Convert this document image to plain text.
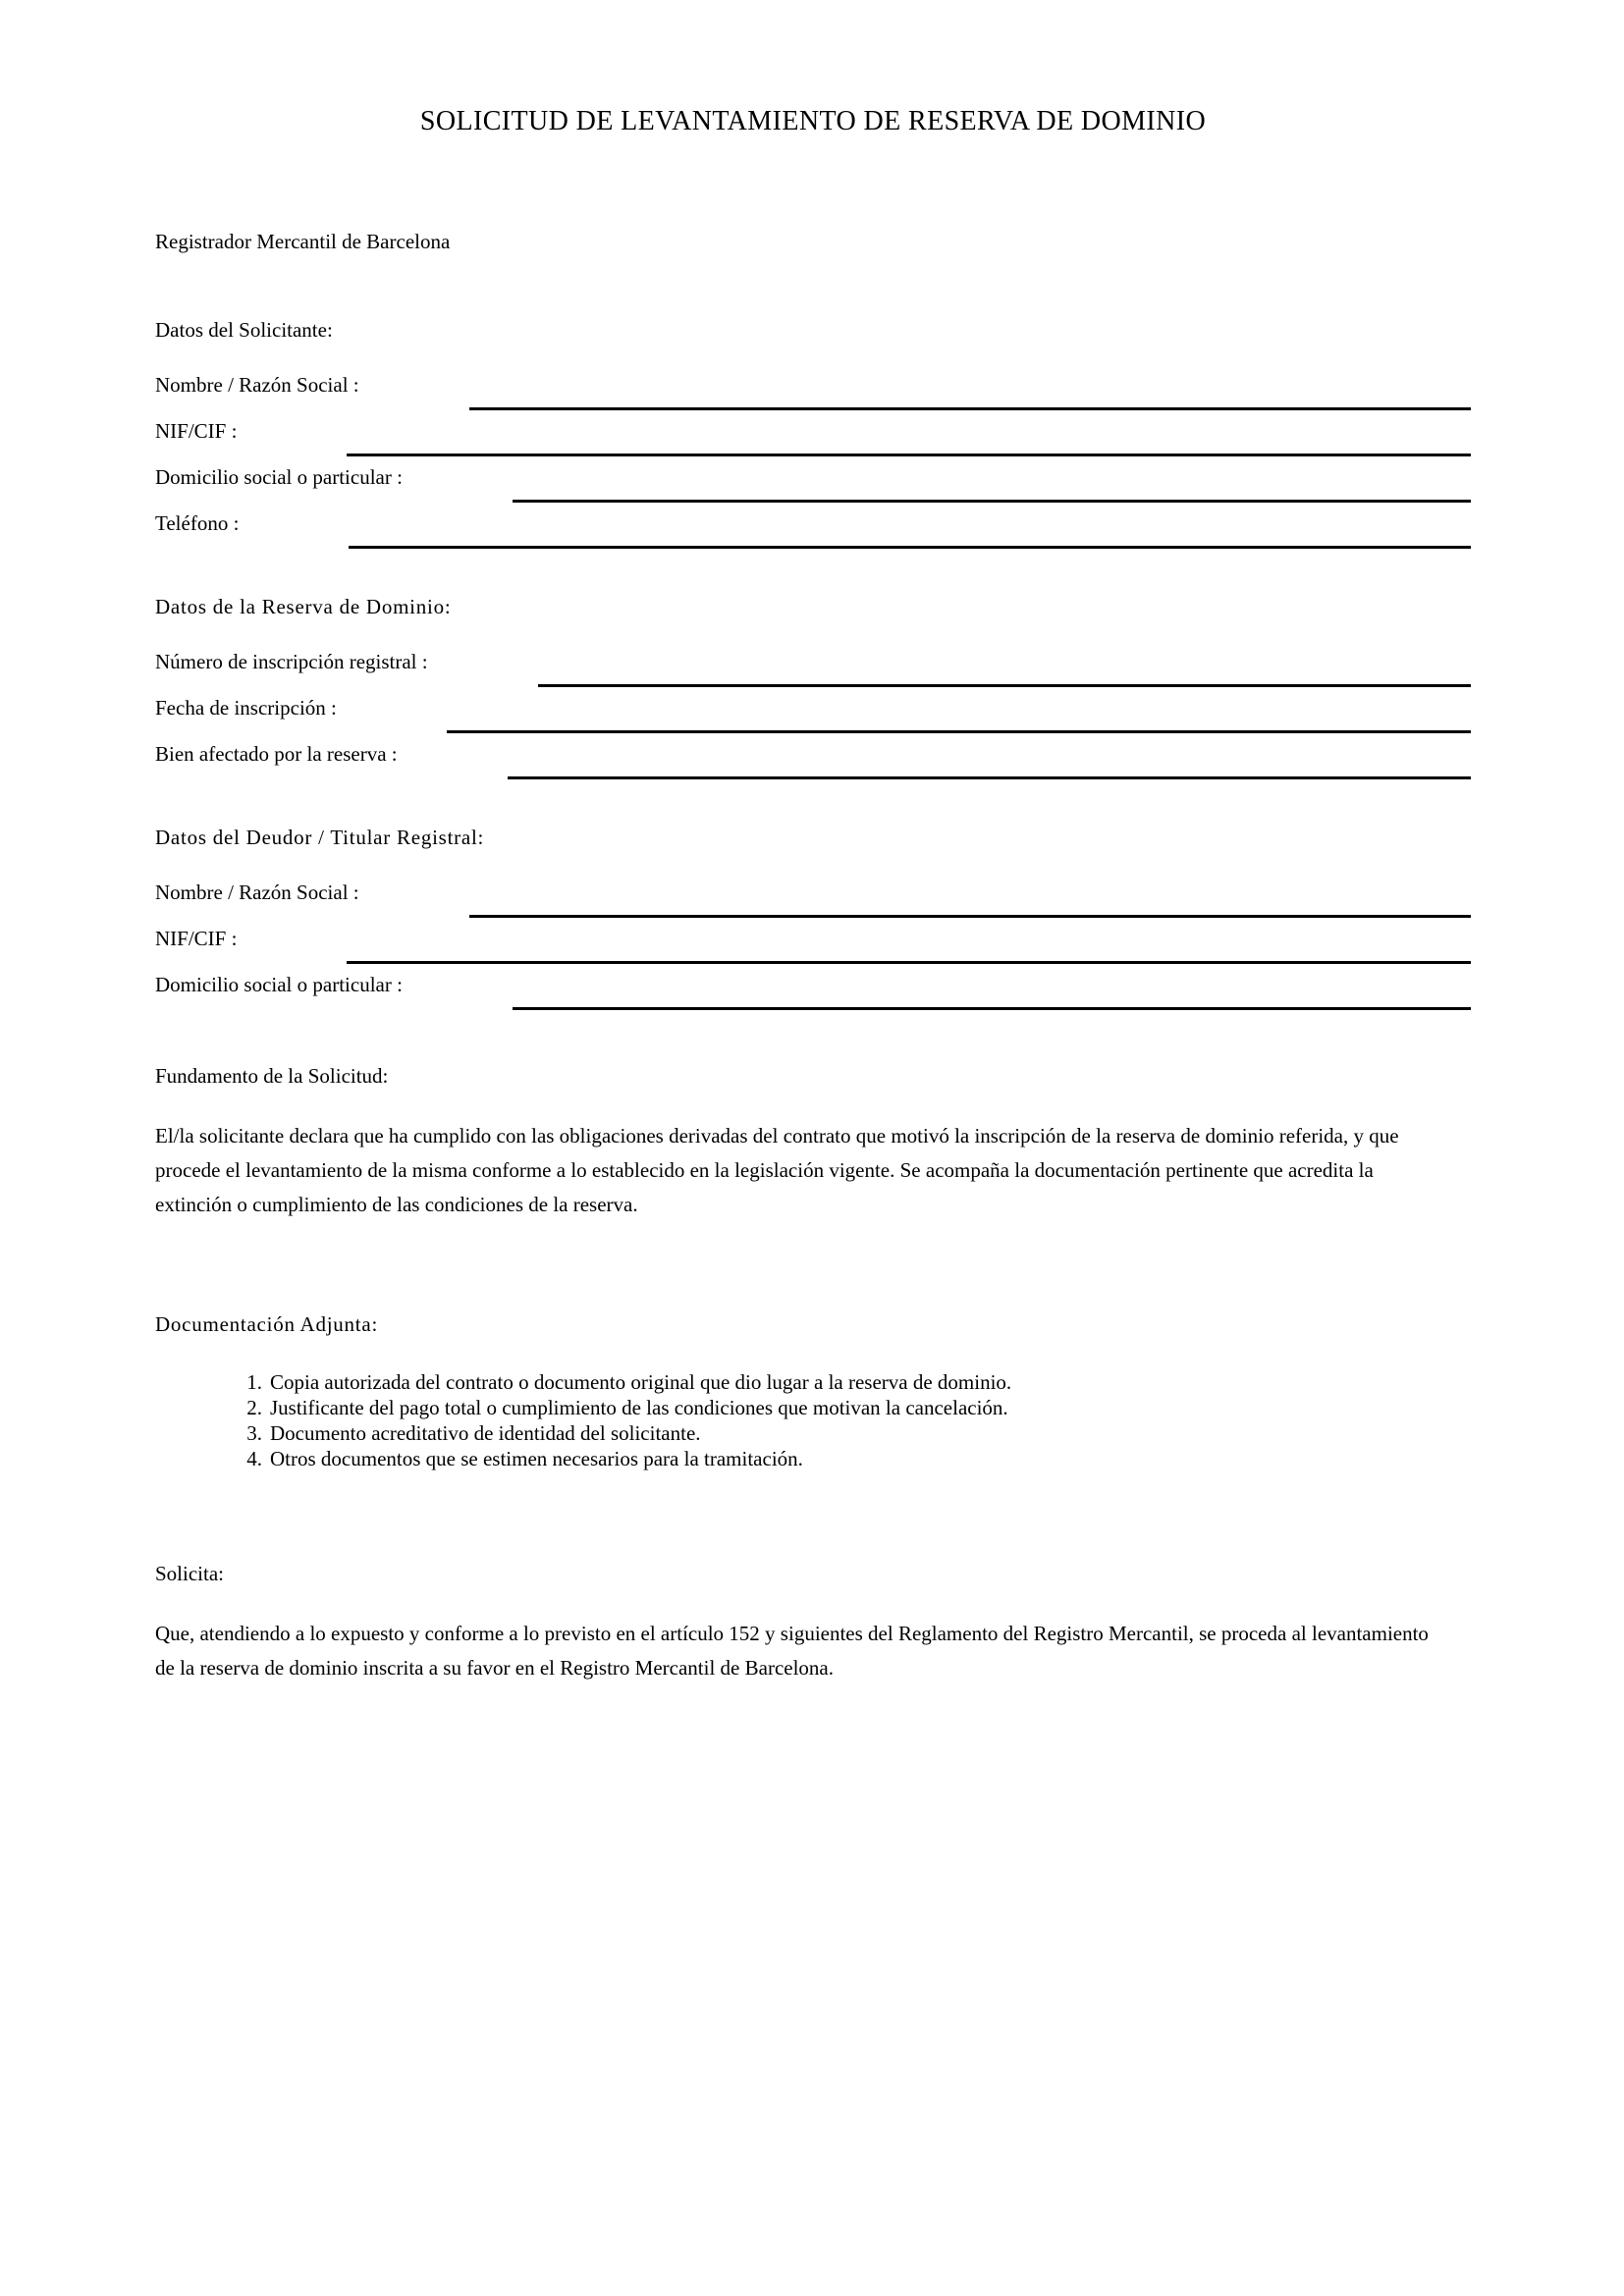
SOLICITUD DE LEVANTAMIENTO DE RESERVA DE DOMINIO
Registrador Mercantil de Barcelona
Datos del Solicitante:
Nombre / Razón Social :
NIF/CIF :
Domicilio social o particular :
Teléfono :
Datos de la Reserva de Dominio:
Número de inscripción registral :
Fecha de inscripción :
Bien afectado por la reserva :
Datos del Deudor / Titular Registral:
Nombre / Razón Social :
NIF/CIF :
Domicilio social o particular :
Fundamento de la Solicitud:

El/la solicitante declara que ha cumplido con las obligaciones derivadas del contrato que motivó la inscripción de la reserva de dominio referida, y que procede el levantamiento de la misma conforme a lo establecido en la legislación vigente. Se acompaña la documentación pertinente que acredita la extinción o cumplimiento de las condiciones de la reserva.

Documentación Adjunta:
1. Copia autorizada del contrato o documento original que dio lugar a la reserva de dominio.
2. Justificante del pago total o cumplimiento de las condiciones que motivan la cancelación.
3. Documento acreditativo de identidad del solicitante.
4. Otros documentos que se estimen necesarios para la tramitación.
Solicita:

Que, atendiendo a lo expuesto y conforme a lo previsto en el artículo 152 y siguientes del Reglamento del Registro Mercantil, se proceda al levantamiento de la reserva de dominio inscrita a su favor en el Registro Mercantil de Barcelona.
